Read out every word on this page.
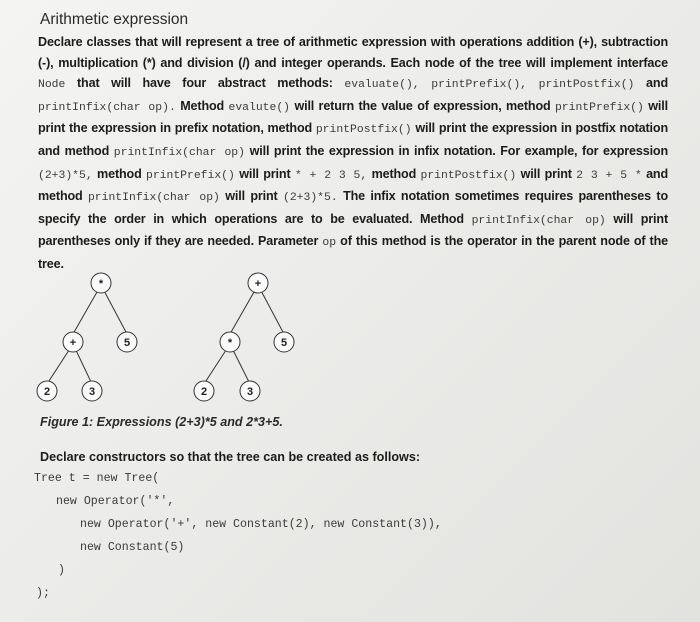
Arithmetic expression
Declare classes that will represent a tree of arithmetic expression with operations addition (+), subtraction (-), multiplication (*) and division (/) and integer operands. Each node of the tree will implement interface Node that will have four abstract methods: evaluate(), printPrefix(), printPostfix() and printInfix(char op). Method evalute() will return the value of expression, method printPrefix() will print the expression in prefix notation, method printPostfix() will print the expression in postfix notation and method printInfix(char op) will print the expression in infix notation. For example, for expression (2+3)*5, method printPrefix() will print * + 2 3 5, method printPostfix() will print 2 3 + 5 * and method printInfix(char op) will print (2+3)*5. The infix notation sometimes requires parentheses to specify the order in which operations are to be evaluated. Method printInfix(char op) will print parentheses only if they are needed. Parameter op of this method is the operator in the parent node of the tree.
*
+	5
2	3
+
*	5
2	3
Figure 1: Expressions (2+3)*5 and 2*3+5.
Declare constructors so that the tree can be created as follows:
Tree t = new Tree(
new Operator('*',
new Operator('+', new Constant(2), new Constant(3)),
new Constant(5)
)
);
